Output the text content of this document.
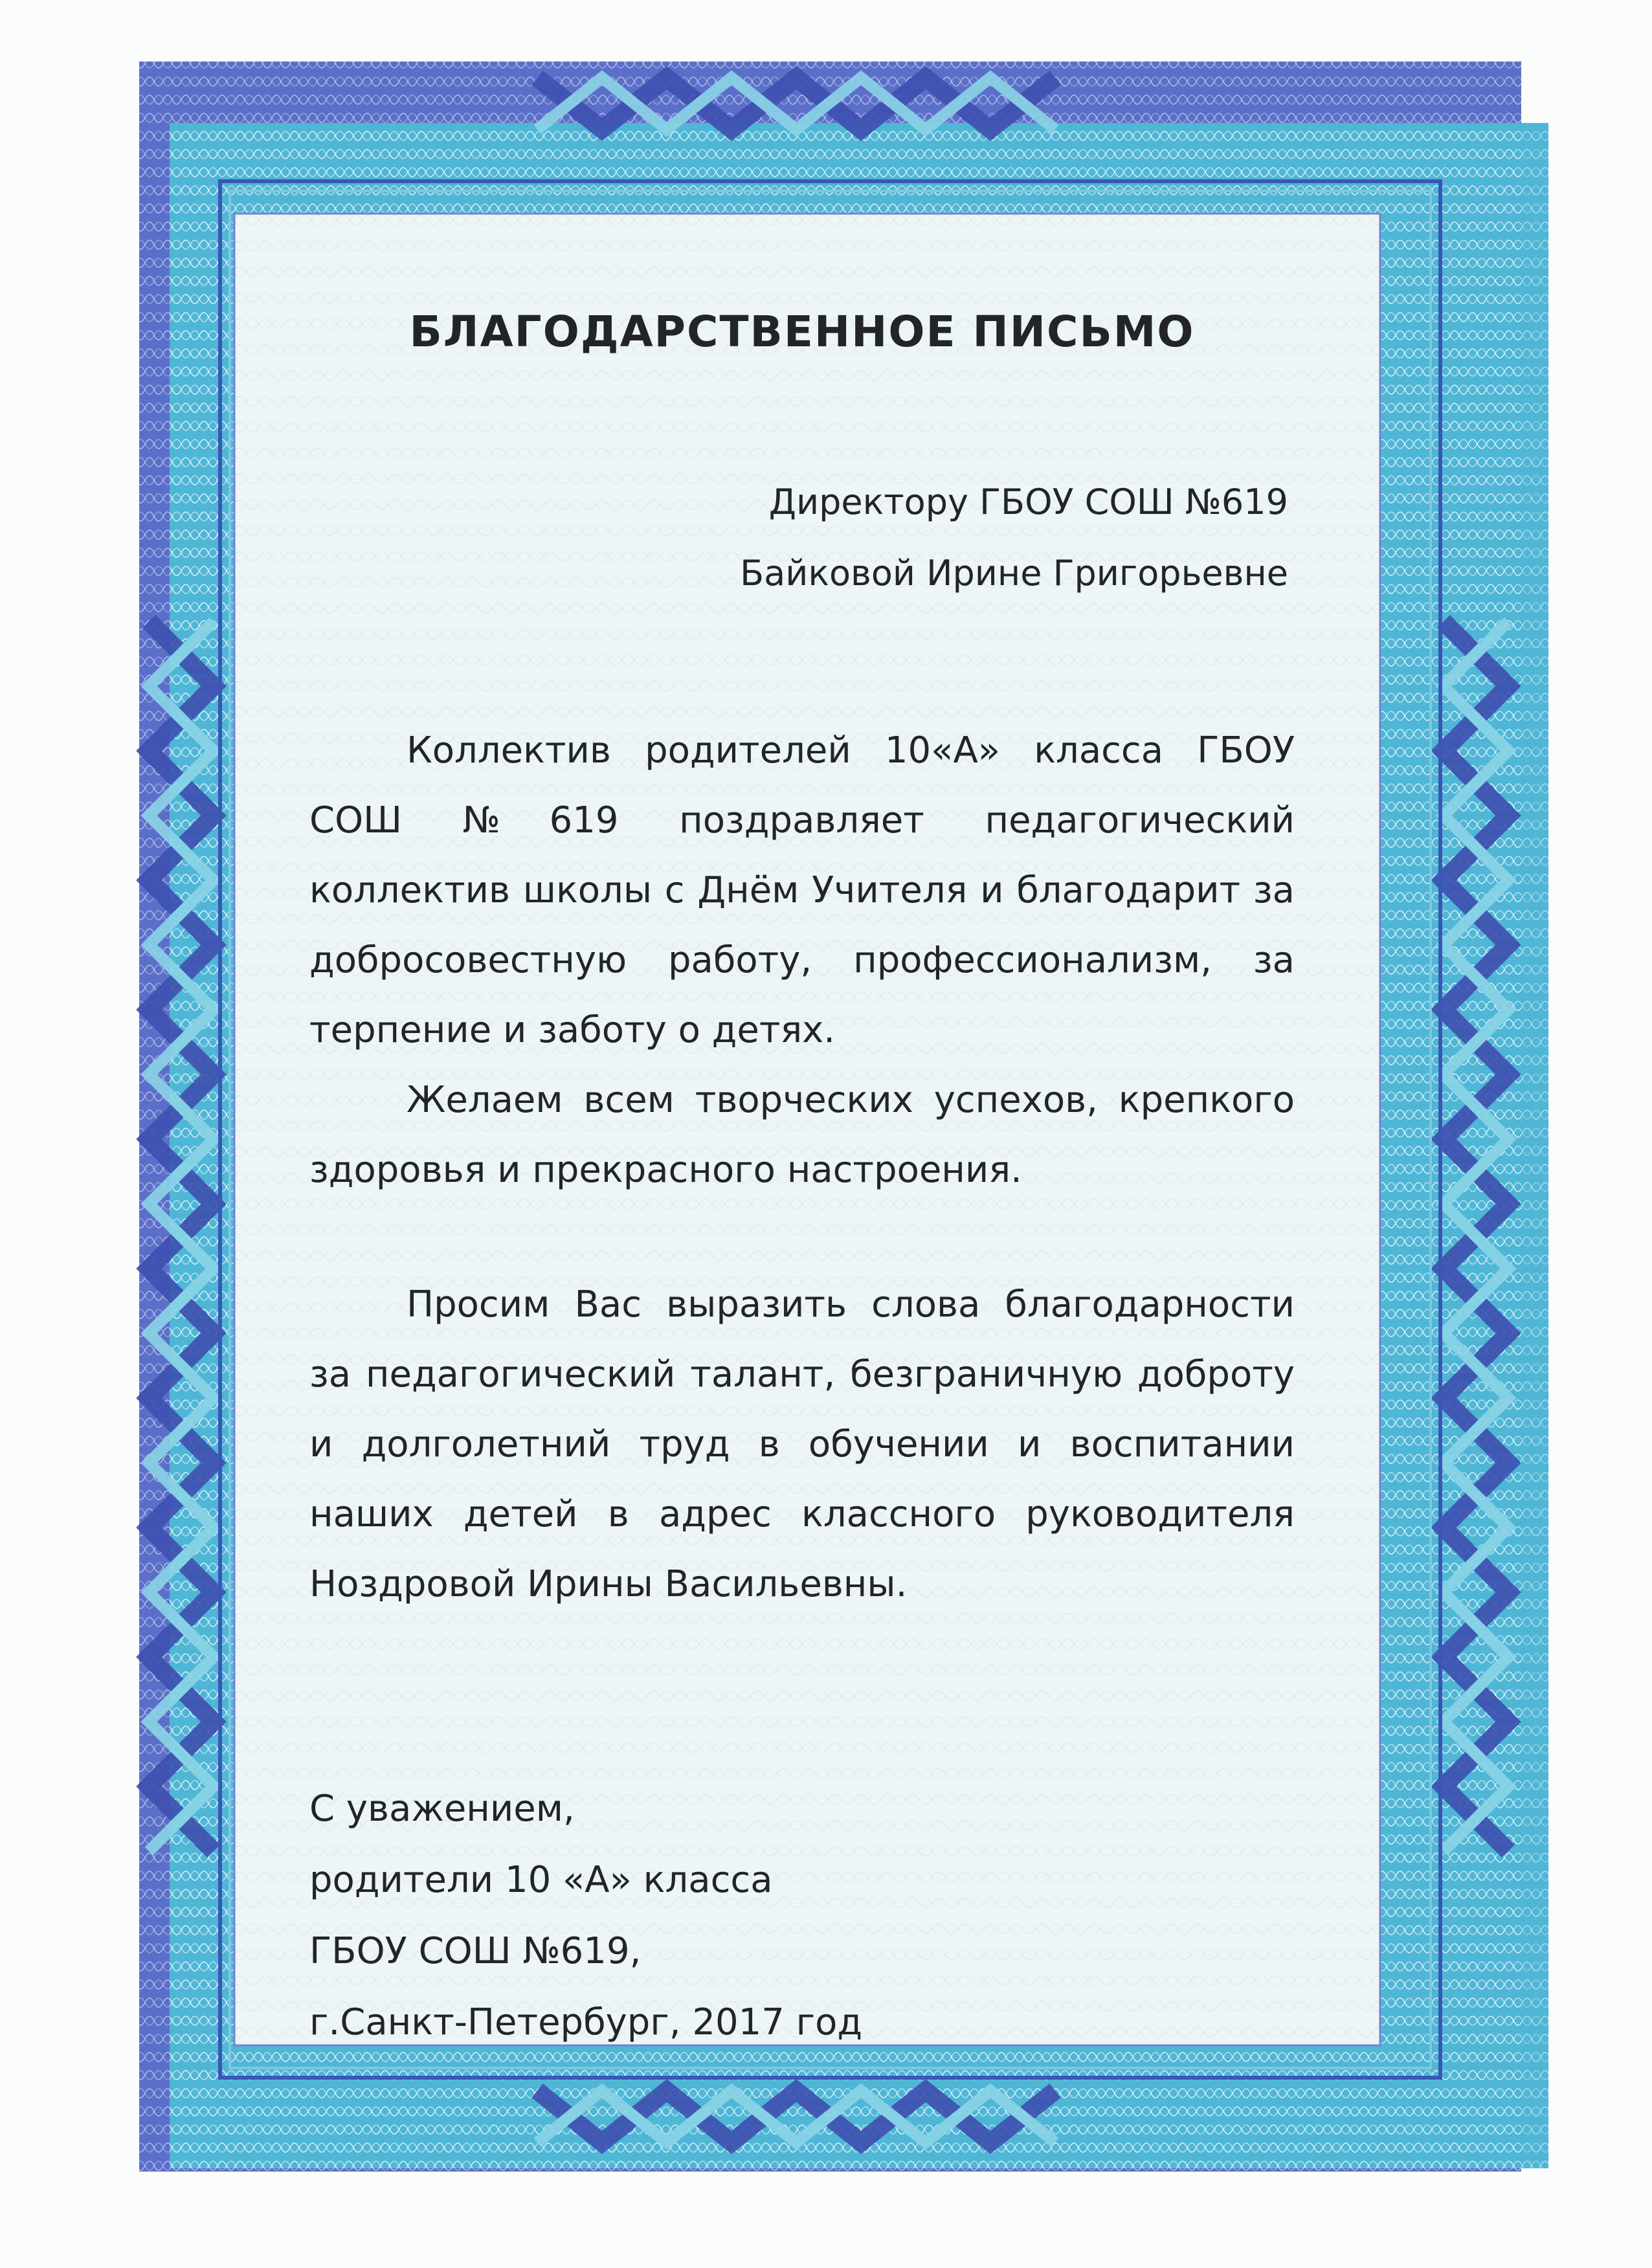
БЛАГОДАРСТВЕННОЕ ПИСЬМО
Директору ГБОУ СОШ №619
Байковой Ирине Григорьевне

Коллектив родителей 10«А» класса ГБОУ СОШ №619 поздравляет педагогический коллектив школы с Днём Учителя и благодарит за добросовестную работу, профессионализм, за терпение и заботу о детях.

Желаем всем творческих успехов, крепкого здоровья и прекрасного настроения.

Просим Вас выразить слова благодарности за педагогический талант, безграничную доброту и долголетний труд в обучении и воспитании наших детей в адрес классного руководителя Ноздровой Ирины Васильевны.

С уважением,
родители 10 «А» класса
ГБОУ СОШ №619,
г.Санкт-Петербург, 2017 год
